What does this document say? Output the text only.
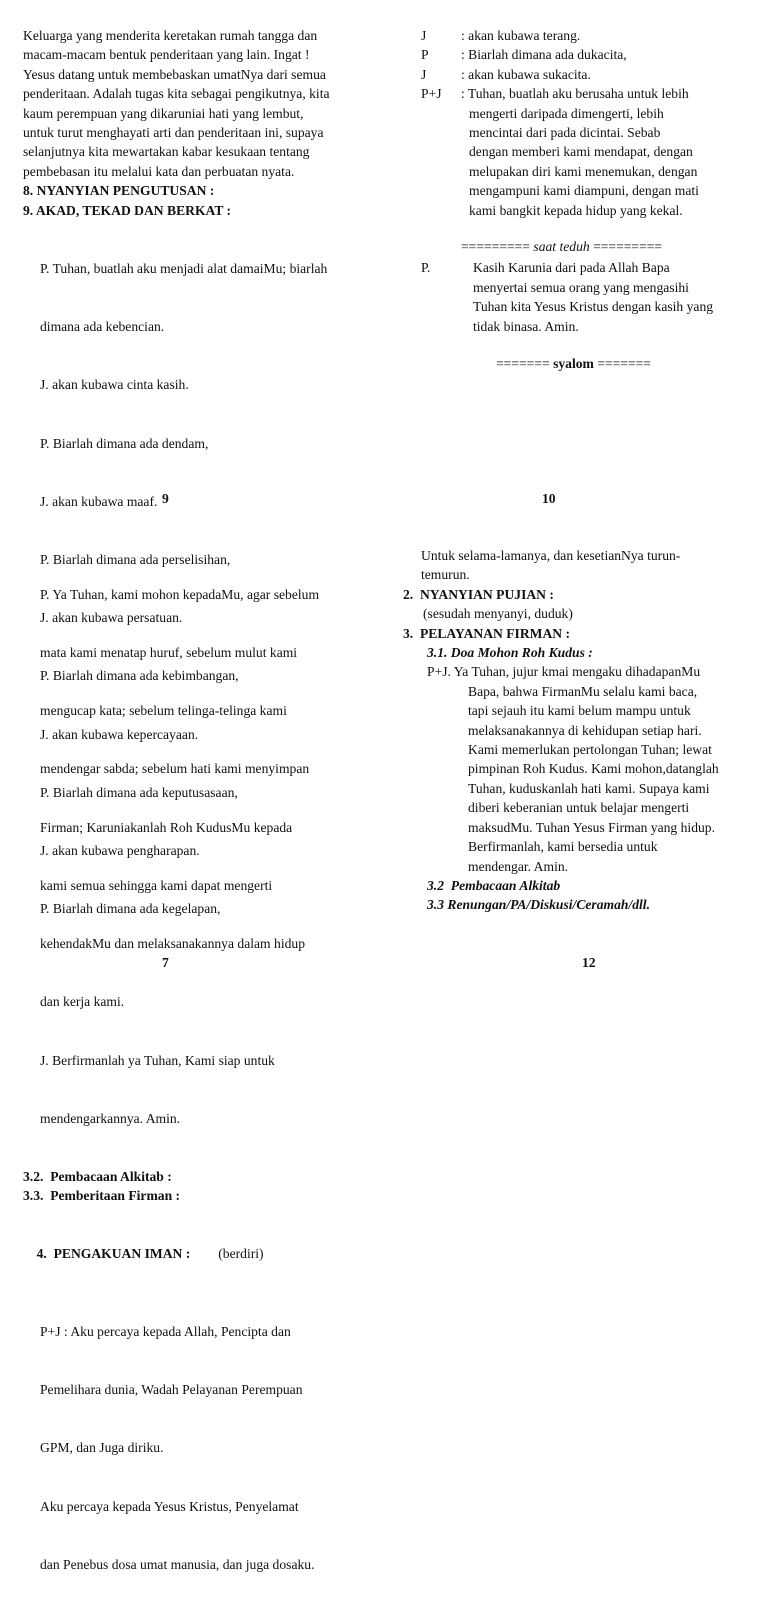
Keluarga yang menderita keretakan rumah tangga dan
macam-macam bentuk penderitaan yang lain. Ingat !
Yesus datang untuk membebaskan umatNya dari semua
penderitaan. Adalah tugas kita sebagai pengikutnya, kita
kaum perempuan yang dikaruniai hati yang lembut,
untuk turut menghayati arti dan penderitaan ini, supaya
selanjutnya kita mewartakan kabar kesukaan tentang
pembebasan itu melalui kata dan perbuatan nyata.
8. NYANYIAN PENGUTUSAN :
9. AKAD, TEKAD DAN BERKAT :

P. Tuhan, buatlah aku menjadi alat damaiMu; biarlah

dimana ada kebencian.

J. akan kubawa cinta kasih.

P. Biarlah dimana ada dendam,

J. akan kubawa maaf.

P. Biarlah dimana ada perselisihan,

J. akan kubawa persatuan.

P. Biarlah dimana ada kebimbangan,

J. akan kubawa kepercayaan.

P. Biarlah dimana ada keputusasaan,

J. akan kubawa pengharapan.

P. Biarlah dimana ada kegelapan,

9
J	: akan kubawa terang.
P : Biarlah dimana ada dukacita,
J	: akan kubawa sukacita.
P+J : Tuhan, buatlah aku berusaha untuk lebih
mengerti daripada dimengerti, lebih
mencintai dari pada dicintai. Sebab
dengan memberi kami mendapat, dengan
melupakan diri kami menemukan, dengan
mengampuni kami diampuni, dengan mati
kami bangkit kepada hidup yang kekal.
========= saat teduh =========
P.	Kasih Karunia dari pada Allah Bapa
menyertai semua orang yang mengasihi
Tuhan kita Yesus Kristus dengan kasih yang
tidak binasa. Amin.
======= syalom =======
10

P. Ya Tuhan, kami mohon kepadaMu, agar sebelum

mata kami menatap huruf, sebelum mulut kami

mengucap kata; sebelum telinga-telinga kami

mendengar sabda; sebelum hati kami menyimpan

Firman; Karuniakanlah Roh KudusMu kepada

kami semua sehingga kami dapat mengerti

kehendakMu dan melaksanakannya dalam hidup

dan kerja kami.

J. Berfirmanlah ya Tuhan, Kami siap untuk

mendengarkannya. Amin.

3.2.  Pembacaan Alkitab :
3.3.  Pemberitaan Firman :

4.  PENGAKUAN IMAN : (berdiri)

P+J : Aku percaya kepada Allah, Pencipta dan

Pemelihara dunia, Wadah Pelayanan Perempuan

GPM, dan Juga diriku.

Aku percaya kepada Yesus Kristus, Penyelamat

dan Penebus dosa umat manusia, dan juga dosaku.

7
Untuk selama-lamanya, dan kesetianNya turun-
temurun.
2.  NYANYIAN PUJIAN :
(sesudah menyanyi, duduk)
3.  PELAYANAN FIRMAN :
3.1. Doa Mohon Roh Kudus :
P+J. Ya Tuhan, jujur kmai mengaku dihadapanMu
Bapa, bahwa FirmanMu selalu kami baca,
tapi sejauh itu kami belum mampu untuk
melaksanakannya di kehidupan setiap hari.
Kami memerlukan pertolongan Tuhan; lewat
pimpinan Roh Kudus. Kami mohon,datanglah
Tuhan, kuduskanlah hati kami. Supaya kami
diberi keberanian untuk belajar mengerti
maksudMu. Tuhan Yesus Firman yang hidup.
Berfirmanlah, kami bersedia untuk
mendengar. Amin.
3.2  Pembacaan Alkitab
3.3 Renungan/PA/Diskusi/Ceramah/dll.
12
